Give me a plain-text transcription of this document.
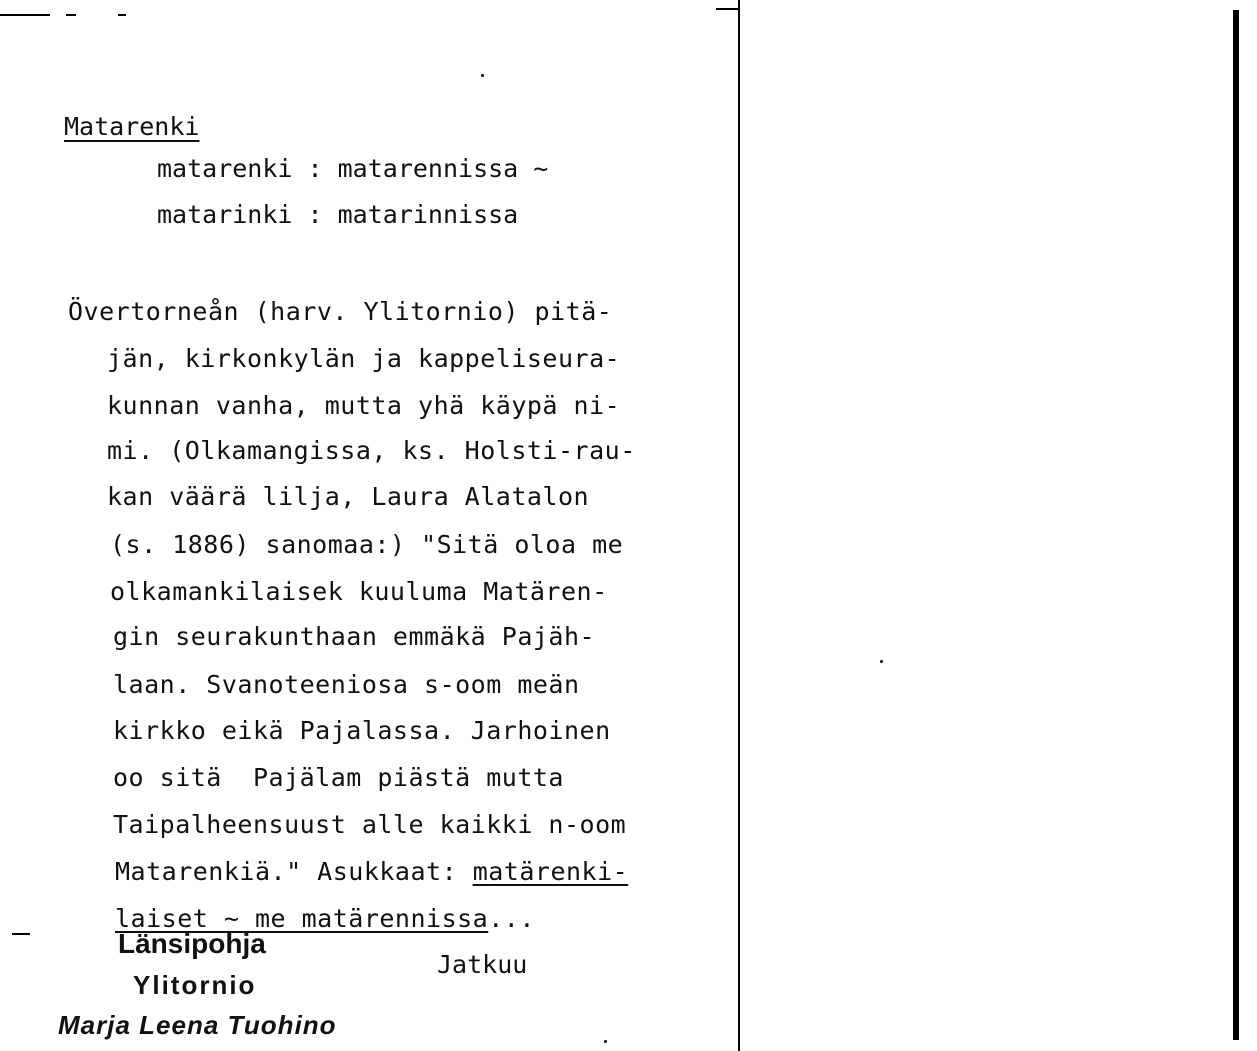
Matarenki
matarenki : matarennissa ~
matarinki : matarinnissa
Övertorneån (harv. Ylitornio) pitä-
jän, kirkonkylän ja kappeliseura-
kunnan vanha, mutta yhä käypä ni-
mi. (Olkamangissa, ks. Holsti-rau-
kan väärä lilja, Laura Alatalon
(s. 1886) sanomaa:) "Sitä oloa me
olkamankilaisek kuuluma Matären-
gin seurakunthaan emmäkä Pajäh-
laan. Svanoteeniosa s-oom meän
kirkko eikä Pajalassa. Jarhoinen
oo sitä  Pajälam piästä mutta
Taipalheensuust alle kaikki n-oom
Matarenkiä." Asukkaat: matärenki-
laiset ~ me matärennissa...
Länsipohja
Ylitornio
Marja Leena Tuohino
Jatkuu
